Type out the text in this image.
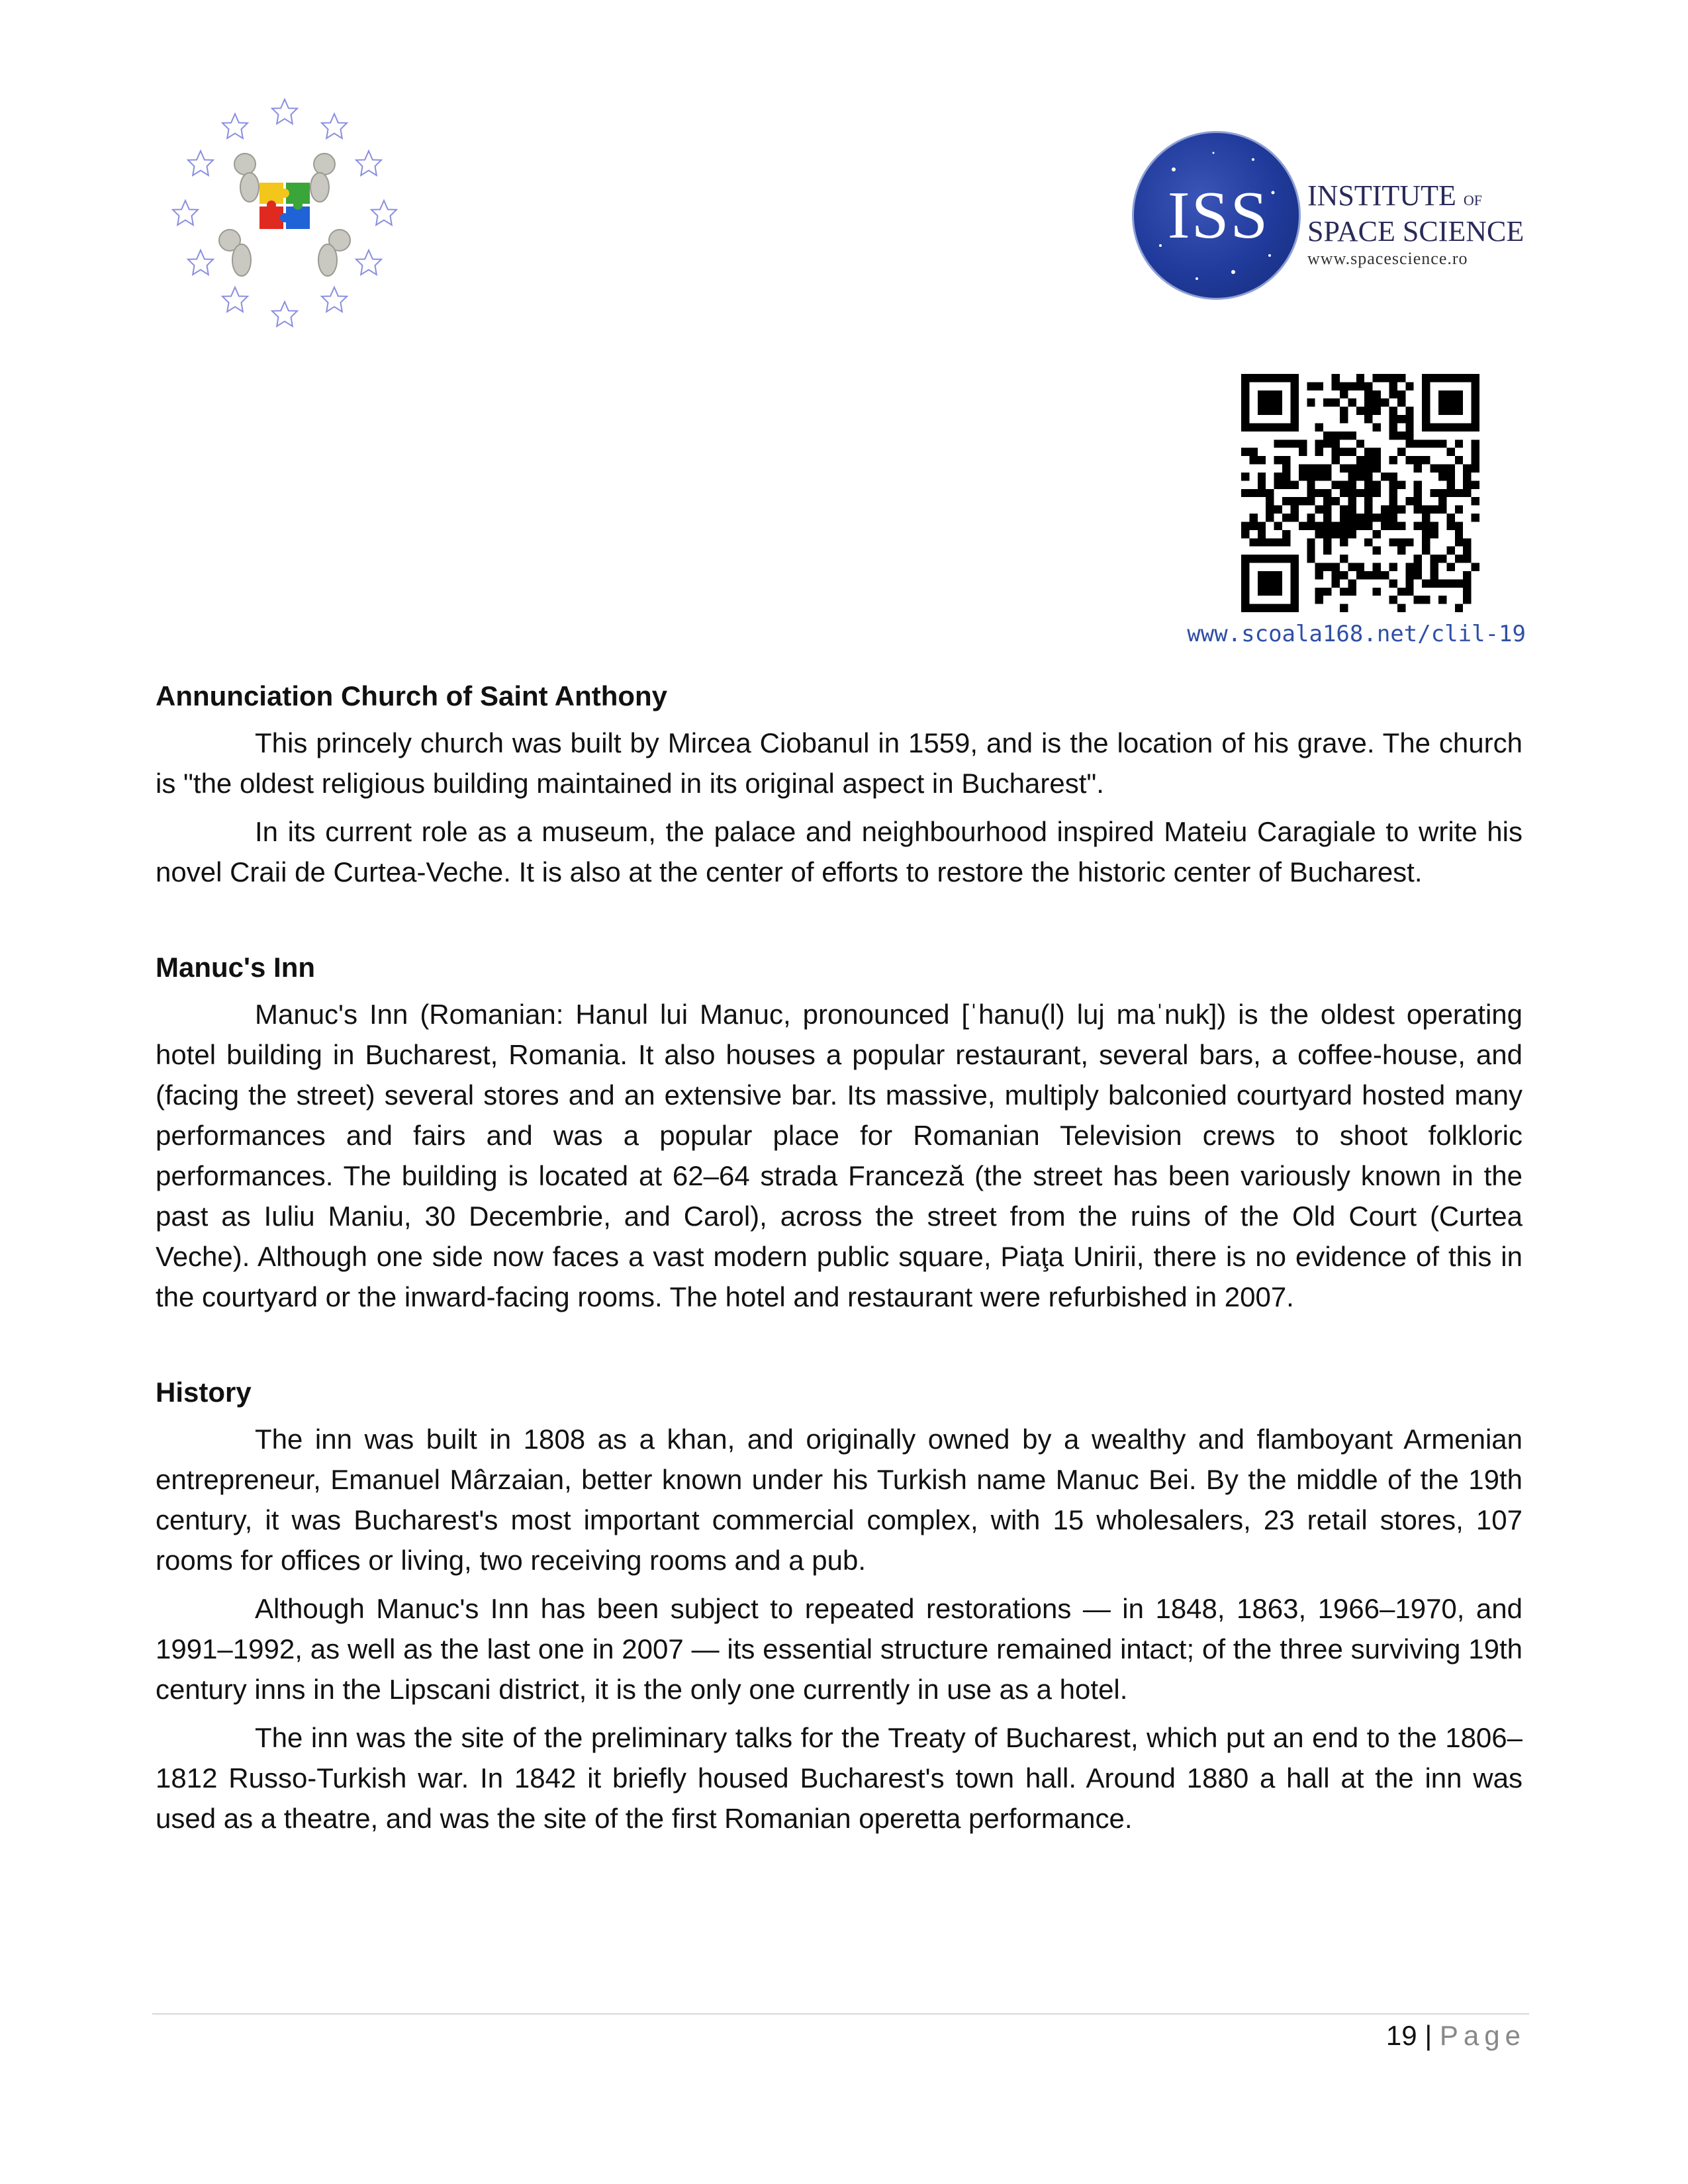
ISS	INSTITUTE OF
SPACE SCIENCE
www.spacescience.ro
www.scoala168.net/clil-19
Annunciation Church of Saint Anthony

This princely church was built by Mircea Ciobanul in 1559, and is the location of his grave. The church is "the oldest religious building maintained in its original aspect in Bucharest".

In its current role as a museum, the palace and neighbourhood inspired Mateiu Caragiale to write his novel Craii de Curtea-Veche. It is also at the center of efforts to restore the historic center of Bucharest.

Manuc's Inn

Manuc's Inn (Romanian: Hanul lui Manuc, pronounced [ˈhanu(l) luj maˈnuk]) is the oldest operating hotel building in Bucharest, Romania. It also houses a popular restaurant, several bars, a coffee-house, and (facing the street) several stores and an extensive bar. Its massive, multiply balconied courtyard hosted many performances and fairs and was a popular place for Romanian Television crews to shoot folkloric performances. The building is located at 62–64 strada Franceză (the street has been variously known in the past as Iuliu Maniu, 30 Decembrie, and Carol), across the street from the ruins of the Old Court (Curtea Veche). Although one side now faces a vast modern public square, Piaţa Unirii, there is no evidence of this in the courtyard or the inward-facing rooms. The hotel and restaurant were refurbished in 2007.

History

The inn was built in 1808 as a khan, and originally owned by a wealthy and flamboyant Armenian entrepreneur, Emanuel Mârzaian, better known under his Turkish name Manuc Bei. By the middle of the 19th century, it was Bucharest's most important commercial complex, with 15 wholesalers, 23 retail stores, 107 rooms for offices or living, two receiving rooms and a pub.

Although Manuc's Inn has been subject to repeated restorations — in 1848, 1863, 1966–1970, and 1991–1992, as well as the last one in 2007 — its essential structure remained intact; of the three surviving 19th century inns in the Lipscani district, it is the only one currently in use as a hotel.

The inn was the site of the preliminary talks for the Treaty of Bucharest, which put an end to the 1806–1812 Russo-Turkish war. In 1842 it briefly housed Bucharest's town hall. Around 1880 a hall at the inn was used as a theatre, and was the site of the first Romanian operetta performance.

19 | Page
